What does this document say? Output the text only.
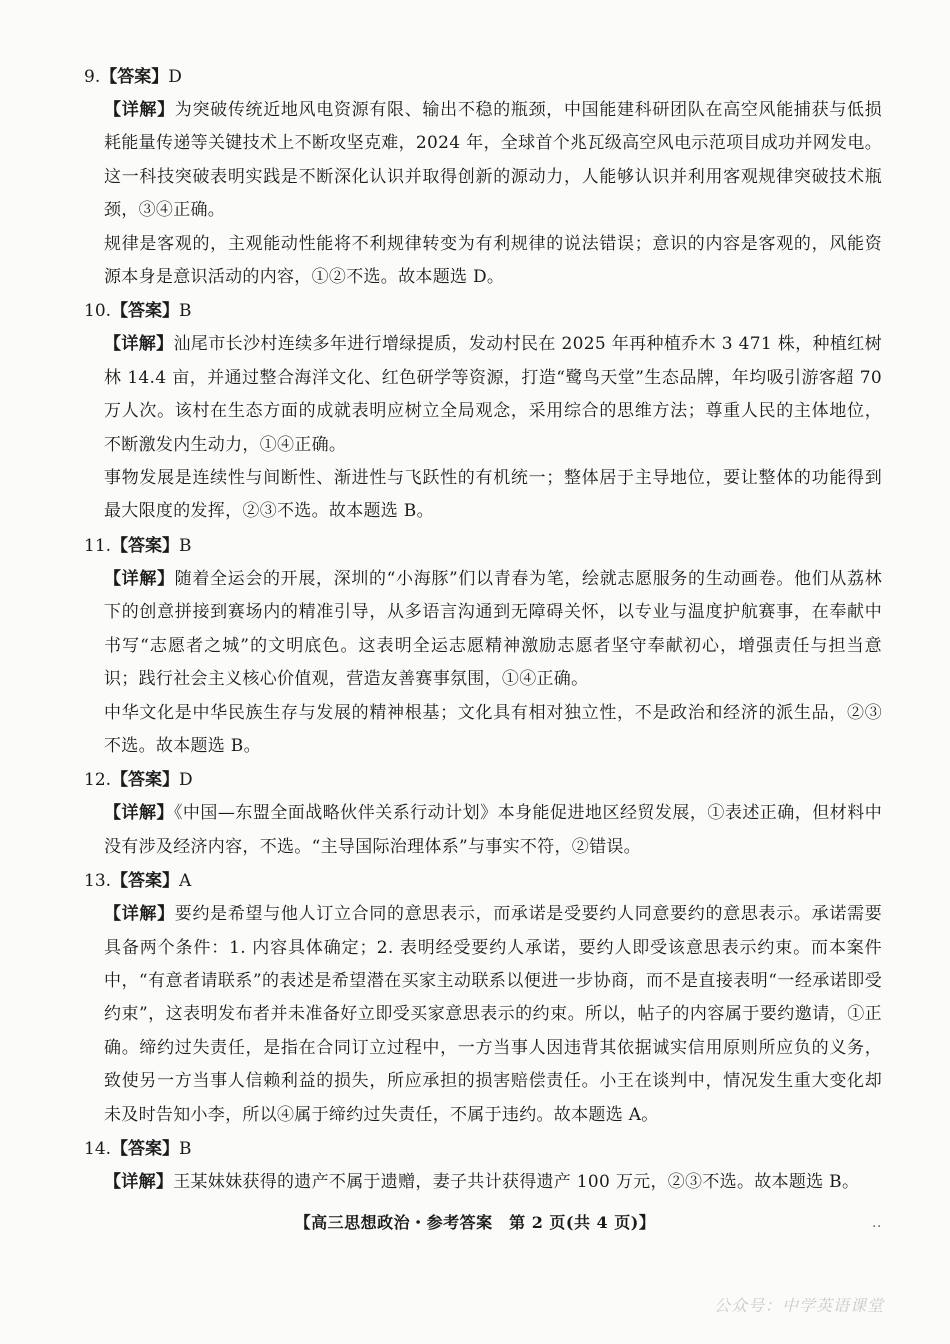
9.【答案】D

【详解】为突破传统近地风电资源有限、输出不稳的瓶颈，中国能建科研团队在高空风能捕获与低损耗能量传递等关键技术上不断攻坚克难，2024 年，全球首个兆瓦级高空风电示范项目成功并网发电。这一科技突破表明实践是不断深化认识并取得创新的源动力，人能够认识并利用客观规律突破技术瓶颈，③④正确。

规律是客观的，主观能动性能将不利规律转变为有利规律的说法错误；意识的内容是客观的，风能资源本身是意识活动的内容，①②不选。故本题选 D。

10.【答案】B

【详解】汕尾市长沙村连续多年进行增绿提质，发动村民在 2025 年再种植乔木 3 471 株，种植红树林 14.4 亩，并通过整合海洋文化、红色研学等资源，打造“鹭鸟天堂”生态品牌，年均吸引游客超 70 万人次。该村在生态方面的成就表明应树立全局观念，采用综合的思维方法；尊重人民的主体地位，不断激发内生动力，①④正确。

事物发展是连续性与间断性、渐进性与飞跃性的有机统一；整体居于主导地位，要让整体的功能得到最大限度的发挥，②③不选。故本题选 B。

11.【答案】B

【详解】随着全运会的开展，深圳的“小海豚”们以青春为笔，绘就志愿服务的生动画卷。他们从荔林下的创意拼接到赛场内的精准引导，从多语言沟通到无障碍关怀，以专业与温度护航赛事，在奉献中书写“志愿者之城”的文明底色。这表明全运志愿精神激励志愿者坚守奉献初心，增强责任与担当意识；践行社会主义核心价值观，营造友善赛事氛围，①④正确。

中华文化是中华民族生存与发展的精神根基；文化具有相对独立性，不是政治和经济的派生品，②③不选。故本题选 B。

12.【答案】D

【详解】《中国—东盟全面战略伙伴关系行动计划》本身能促进地区经贸发展，①表述正确，但材料中没有涉及经济内容，不选。“主导国际治理体系”与事实不符，②错误。

13.【答案】A

【详解】要约是希望与他人订立合同的意思表示，而承诺是受要约人同意要约的意思表示。承诺需要具备两个条件：1. 内容具体确定；2. 表明经受要约人承诺，要约人即受该意思表示约束。而本案件中，“有意者请联系”的表述是希望潜在买家主动联系以便进一步协商，而不是直接表明“一经承诺即受约束”，这表明发布者并未准备好立即受买家意思表示的约束。所以，帖子的内容属于要约邀请，①正确。缔约过失责任，是指在合同订立过程中，一方当事人因违背其依据诚实信用原则所应负的义务，致使另一方当事人信赖利益的损失，所应承担的损害赔偿责任。小王在谈判中，情况发生重大变化却未及时告知小李，所以④属于缔约过失责任，不属于违约。故本题选 A。

14.【答案】B

【详解】王某妹妹获得的遗产不属于遗赠，妻子共计获得遗产 100 万元，②③不选。故本题选 B。

【高三思想政治・参考答案　第 2 页(共 4 页)】	..
公众号：中学英语课堂
